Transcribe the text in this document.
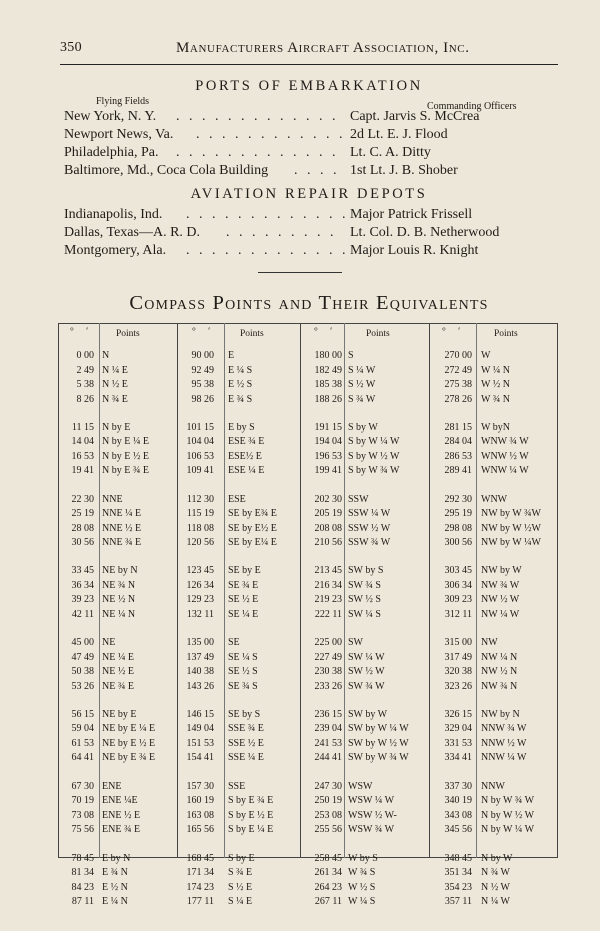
350	Manufacturers Aircraft Association, Inc.
PORTS OF EMBARKATION
Flying Fields	Commanding Officers
New York, N. Y. . . . . . . . . . . . . . Capt. Jarvis S. McCrea
Newport News, Va. . . . . . . . . . . . . 2d Lt. E. J. Flood
Philadelphia, Pa. . . . . . . . . . . . . . Lt. C. A. Ditty
Baltimore, Md., Coca Cola Building . . . . 1st Lt. J. B. Shober
AVIATION REPAIR DEPOTS
Indianapolis, Ind. . . . . . . . . . . . . . Major Patrick Frissell
Dallas, Texas—A. R. D. . . . . . . . . . Lt. Col. D. B. Netherwood
Montgomery, Ala. . . . . . . . . . . . . . Major Louis R. Knight
Compass Points and Their Equivalents
° ′ Points	° ′	Points	° ′	Points	° ′	Points
0 00 N	90 00 E	180 00 S	270 00 W
2 49 N ¼ E	92 49 E ¼ S	182 49 S ¼ W	272 49 W ¼ N
5 38 N ½ E	95 38 E ½ S	185 38 S ½ W	275 38 W ½ N
8 26 N ¾ E	98 26 E ¾ S	188 26 S ¾ W	278 26 W ¾ N
11 15 N by E	101 15 E by S	191 15 S by W	281 15 W byN
14 04 N by E ¼ E	104 04 ESE ¾ E	194 04 S by W ¼ W	284 04 WNW ¾ W
16 53 N by E ½ E	106 53 ESE½ E	196 53 S by W ½ W	286 53 WNW ½ W
19 41 N by E ¾ E	109 41 ESE ¼ E	199 41 S by W ¾ W	289 41 WNW ¼ W
22 30 NNE	112 30 ESE	202 30 SSW	292 30 WNW
25 19 NNE ¼ E	115 19 SE by E¾ E	205 19 SSW ¼ W	295 19 NW by W ¾W
28 08 NNE ½ E	118 08 SE by E½ E	208 08 SSW ½ W	298 08 NW by W ½W
30 56 NNE ¾ E	120 56 SE by E¼ E	210 56 SSW ¾ W	300 56 NW by W ¼W
33 45 NE by N	123 45 SE by E	213 45 SW by S	303 45 NW by W
36 34 NE ¾ N	126 34 SE ¾ E	216 34 SW ¾ S	306 34 NW ¾ W
39 23 NE ½ N	129 23 SE ½ E	219 23 SW ½ S	309 23 NW ½ W
42 11 NE ¼ N	132 11 SE ¼ E	222 11 SW ¼ S	312 11 NW ¼ W
45 00 NE	135 00 SE	225 00 SW	315 00 NW
47 49 NE ¼ E	137 49 SE ¼ S	227 49 SW ¼ W	317 49 NW ¼ N
50 38 NE ½ E	140 38 SE ½ S	230 38 SW ½ W	320 38 NW ½ N
53 26 NE ¾ E	143 26 SE ¾ S	233 26 SW ¾ W	323 26 NW ¾ N
56 15 NE by E	146 15 SE by S	236 15 SW by W	326 15 NW by N
59 04 NE by E ¼ E	149 04 SSE ¾ E	239 04 SW by W ¼ W	329 04 NNW ¾ W
61 53 NE by E ½ E	151 53 SSE ½ E	241 53 SW by W ½ W	331 53 NNW ½ W
64 41 NE by E ¾ E	154 41 SSE ¼ E	244 41 SW by W ¾ W	334 41 NNW ¼ W
67 30 ENE	157 30 SSE	247 30 WSW	337 30 NNW
70 19 ENE ¼E	160 19 S by E ¾ E	250 19 WSW ¼ W	340 19 N by W ¾ W
73 08 ENE ½ E	163 08 S by E ½ E	253 08 WSW ½ W-	343 08 N by W ½ W
75 56 ENE ¾ E	165 56 S by E ¼ E	255 56 WSW ¾ W	345 56 N by W ¼ W
78 45 E by N	168 45 S by E	258 45 W by S	348 45 N by W
81 34 E ¾ N	171 34 S ¾ E	261 34 W ¾ S	351 34 N ¾ W
84 23 E ½ N	174 23 S ½ E	264 23 W ½ S	354 23 N ½ W
87 11 E ¼ N	177 11 S ¼ E	267 11 W ¼ S	357 11 N ¼ W
